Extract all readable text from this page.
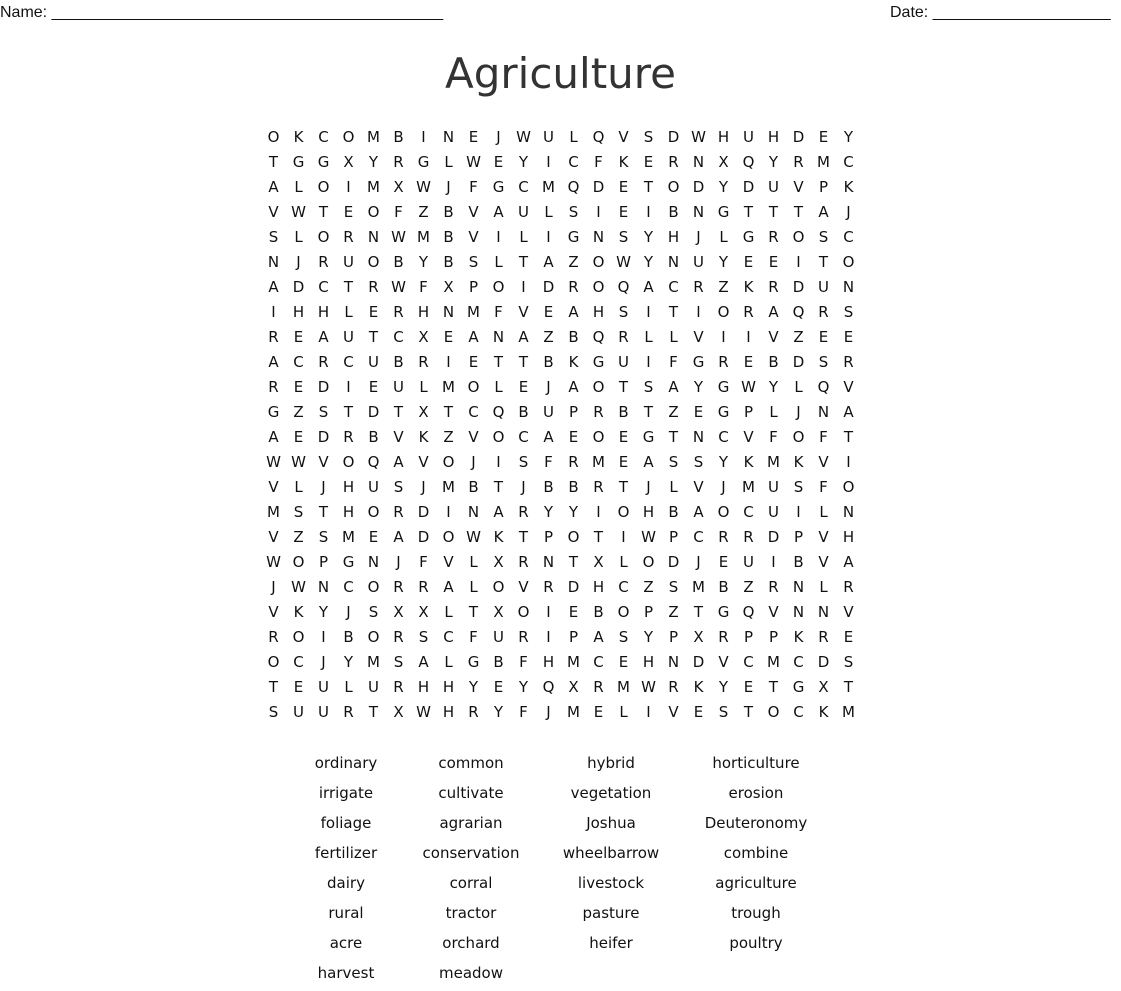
Name: ____________________________________________	Date: ____________________
Agriculture
O K C O M B	I	N E	J	W U	L Q V	S D W H U H D E	Y
T G G X	Y	R G	L W E	Y	I	C	F	K	E	R N X Q Y	R M C
A	L O	I	M X W	J	F G C M Q D E	T O D Y D U V	P	K
V W T	E O F	Z B V A U	L	S	I	E	I	B N G T	T	T	A	J
S	L O R N W M B V	I	L	I	G N S	Y H	J	L	G R O S C
N	J	R U O B	Y	B	S	L	T	A Z O W Y N U Y	E	E	I	T O
A D C	T	R W F	X	P O	I	D R O Q A C R Z K R D U N
I	H H	L	E	R H N M F	V	E	A H S	I	T	I	O R A Q R	S
R	E	A U T	C X	E	A N A Z B Q R	L	L	V	I	I	V Z	E	E
A C R C U B R	I	E	T	T	B K G U	I	F G R	E	B D S	R
R	E D	I	E U	L M O L	E	J	A O T	S	A	Y G W Y	L Q V
G Z	S	T D T	X	T	C Q B U P	R B	T	Z	E G P	L	J	N A
A	E D R B V K Z V O C A	E O E G T N C V	F O F	T
W W V O Q A V O	J	I	S	F	R M E	A	S	S	Y	K M K V	I
V	L	J	H U S	J	M B	T	J	B B R	T	J	L	V	J	M U S	F O
M S	T H O R D	I	N A R	Y	Y	I	O H B A O C U	I	L	N
V Z	S M E	A D O W K	T	P O T	I	W P	C R R D P	V H
W O P G N	J	F	V	L	X R N T	X	L O D	J	E U	I	B V A
J	W N C O R R A	L O V R D H C Z	S M B Z R N	L	R
V K	Y	J	S	X X	L	T	X O	I	E	B O P	Z	T G Q V N N V
R O	I	B O R	S C	F	U R	I	P	A	S	Y	P	X R	P	P	K R	E
O C	J	Y M S	A	L	G B	F	H M C	E H N D V C M C D S
T	E U	L	U R H H Y	E	Y Q X R M W R K	Y	E	T G X	T
S U U R	T	X W H R	Y	F	J	M E	L	I	V	E	S	T O C K M
ordinary	common	hybrid	horticulture
irrigate	cultivate	vegetation	erosion
foliage	agrarian	Joshua	Deuteronomy
fertilizer	conservation	wheelbarrow	combine
dairy	corral	livestock	agriculture
rural	tractor	pasture	trough
acre	orchard	heifer	poultry
harvest	meadow
